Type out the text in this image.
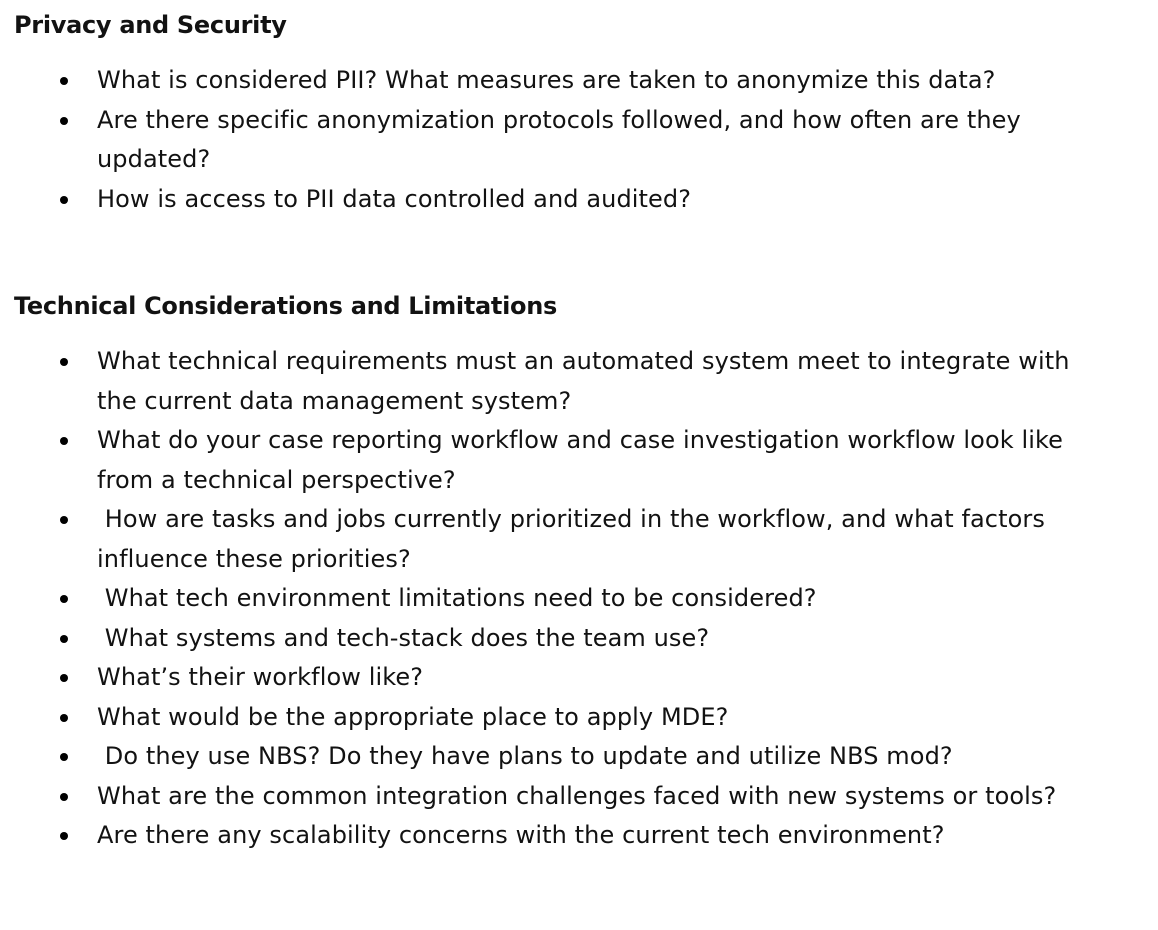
Privacy and Security
What is considered PII? What measures are taken to anonymize this data?
Are there specific anonymization protocols followed, and how often are they updated?
How is access to PII data controlled and audited?
Technical Considerations and Limitations
What technical requirements must an automated system meet to integrate with the current data management system?
What do your case reporting workflow and case investigation workflow look like from a technical perspective?
How are tasks and jobs currently prioritized in the workflow, and what factors influence these priorities?
What tech environment limitations need to be considered?
What systems and tech-stack does the team use?
What’s their workflow like?
What would be the appropriate place to apply MDE?
Do they use NBS? Do they have plans to update and utilize NBS mod?
What are the common integration challenges faced with new systems or tools?
Are there any scalability concerns with the current tech environment?
